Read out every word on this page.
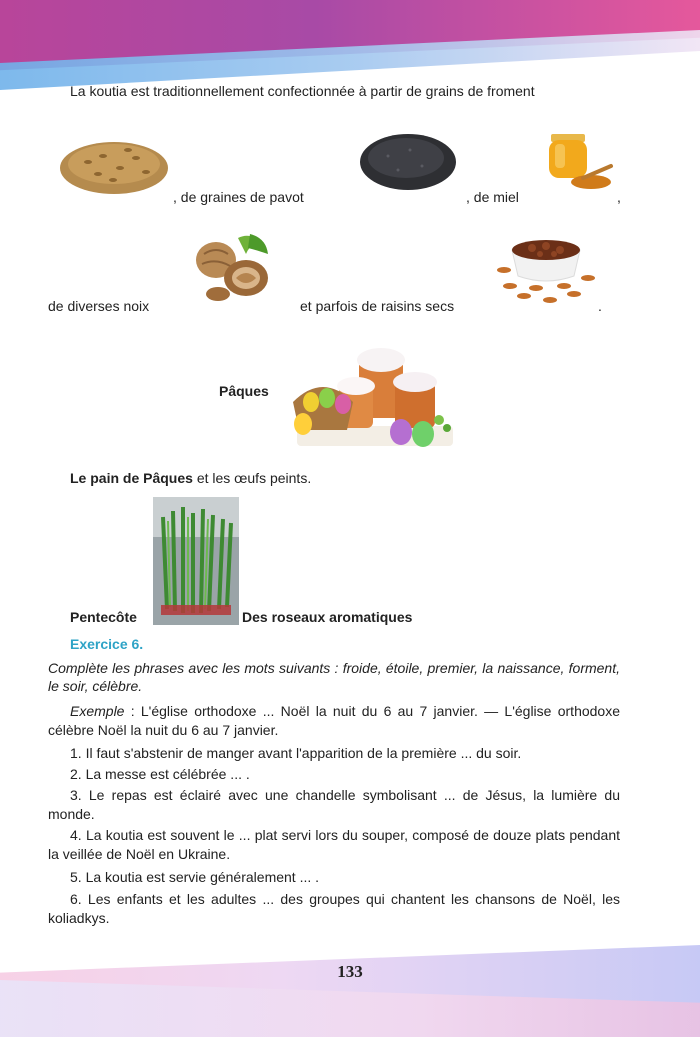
La koutia est traditionnellement confectionnée à partir de grains de froment
, de graines de pavot	, de miel	,
de diverses noix	et parfois de raisins secs	.
Pâques
Le pain de Pâques et les œufs peints.
Pentecôte	Des roseaux aromatiques
Exercice 6.
Complète les phrases avec les mots suivants : froide, étoile, premier, la naissance, forment, le soir, célèbre.
Exemple : L'église orthodoxe ... Noël la nuit du 6 au 7 janvier. — L'église orthodoxe célèbre Noël la nuit du 6 au 7 janvier.
1. Il faut s'abstenir de manger avant l'apparition de la première ... du soir.
2. La messe est célébrée ... .
3. Le repas est éclairé avec une chandelle symbolisant ... de Jésus, la lumière du monde.
4. La koutia est souvent le ... plat servi lors du souper, composé de douze plats pendant la veillée de Noël en Ukraine.
5. La koutia est servie généralement ... .
6. Les enfants et les adultes ... des groupes qui chantent les chansons de Noël, les koliadkys.
133
